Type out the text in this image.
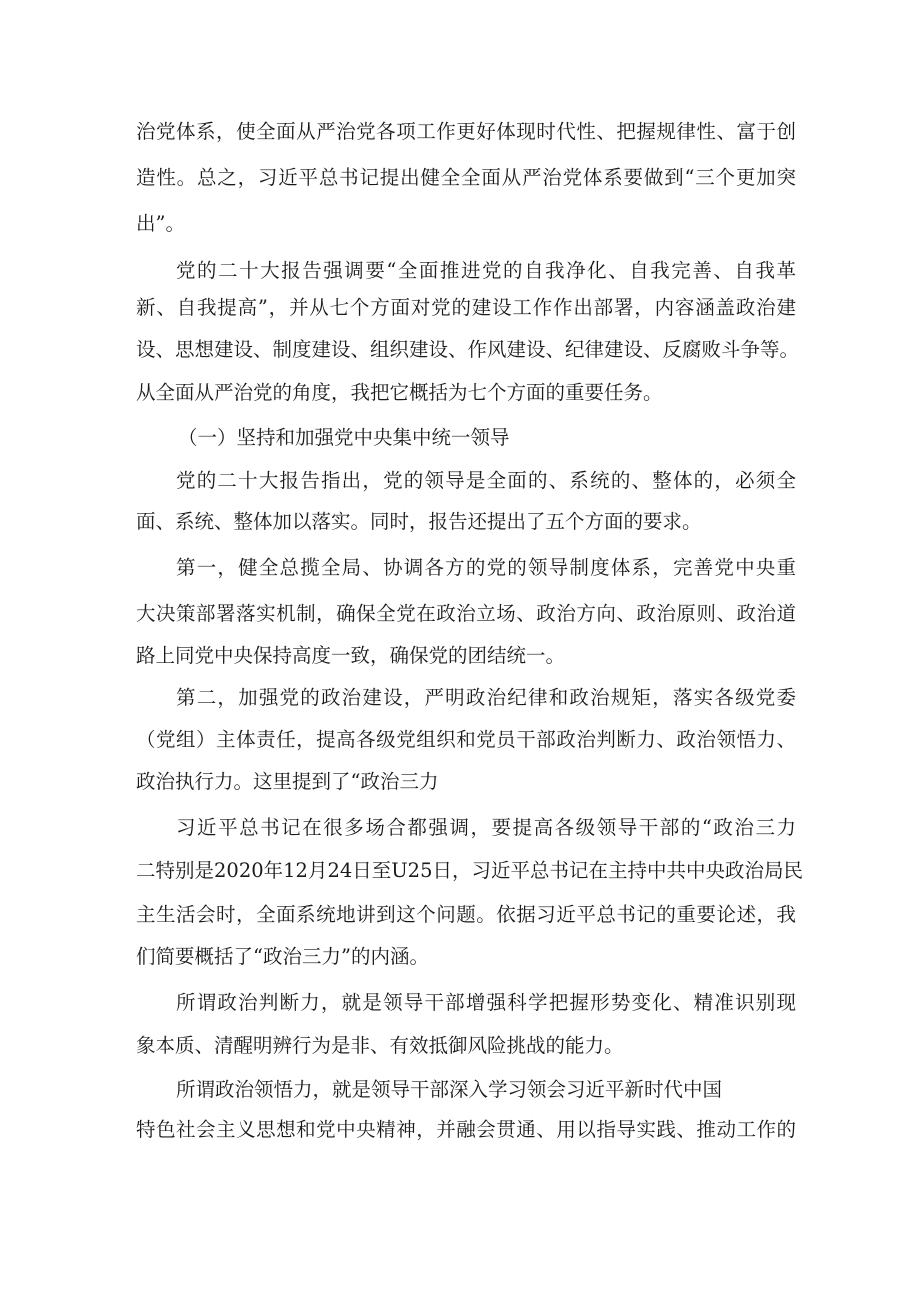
治党体系，使全面从严治党各项工作更好体现时代性、把握规律性、富于创
造性。总之，习近平总书记提出健全全面从严治党体系要做到“三个更加突
出”。
党的二十大报告强调要“全面推进党的自我净化、自我完善、自我革
新、自我提高”，并从七个方面对党的建设工作作出部署，内容涵盖政治建
设、思想建设、制度建设、组织建设、作风建设、纪律建设、反腐败斗争等。
从全面从严治党的角度，我把它概括为七个方面的重要任务。
（一）坚持和加强党中央集中统一领导
党的二十大报告指出，党的领导是全面的、系统的、整体的，必须全
面、系统、整体加以落实。同时，报告还提出了五个方面的要求。
第一，健全总揽全局、协调各方的党的领导制度体系，完善党中央重
大决策部署落实机制，确保全党在政治立场、政治方向、政治原则、政治道
路上同党中央保持高度一致，确保党的团结统一。
第二，加强党的政治建设，严明政治纪律和政治规矩，落实各级党委
（党组）主体责任，提高各级党组织和党员干部政治判断力、政治领悟力、
政治执行力。这里提到了“政治三力
习近平总书记在很多场合都强调，要提高各级领导干部的“政治三力
二特别是2020年12月24日至U25日，习近平总书记在主持中共中央政治局民
主生活会时，全面系统地讲到这个问题。依据习近平总书记的重要论述，我
们简要概括了“政治三力”的内涵。
所谓政治判断力，就是领导干部增强科学把握形势变化、精准识别现
象本质、清醒明辨行为是非、有效抵御风险挑战的能力。
所谓政治领悟力，就是领导干部深入学习领会习近平新时代中国
特色社会主义思想和党中央精神，并融会贯通、用以指导实践、推动工作的
